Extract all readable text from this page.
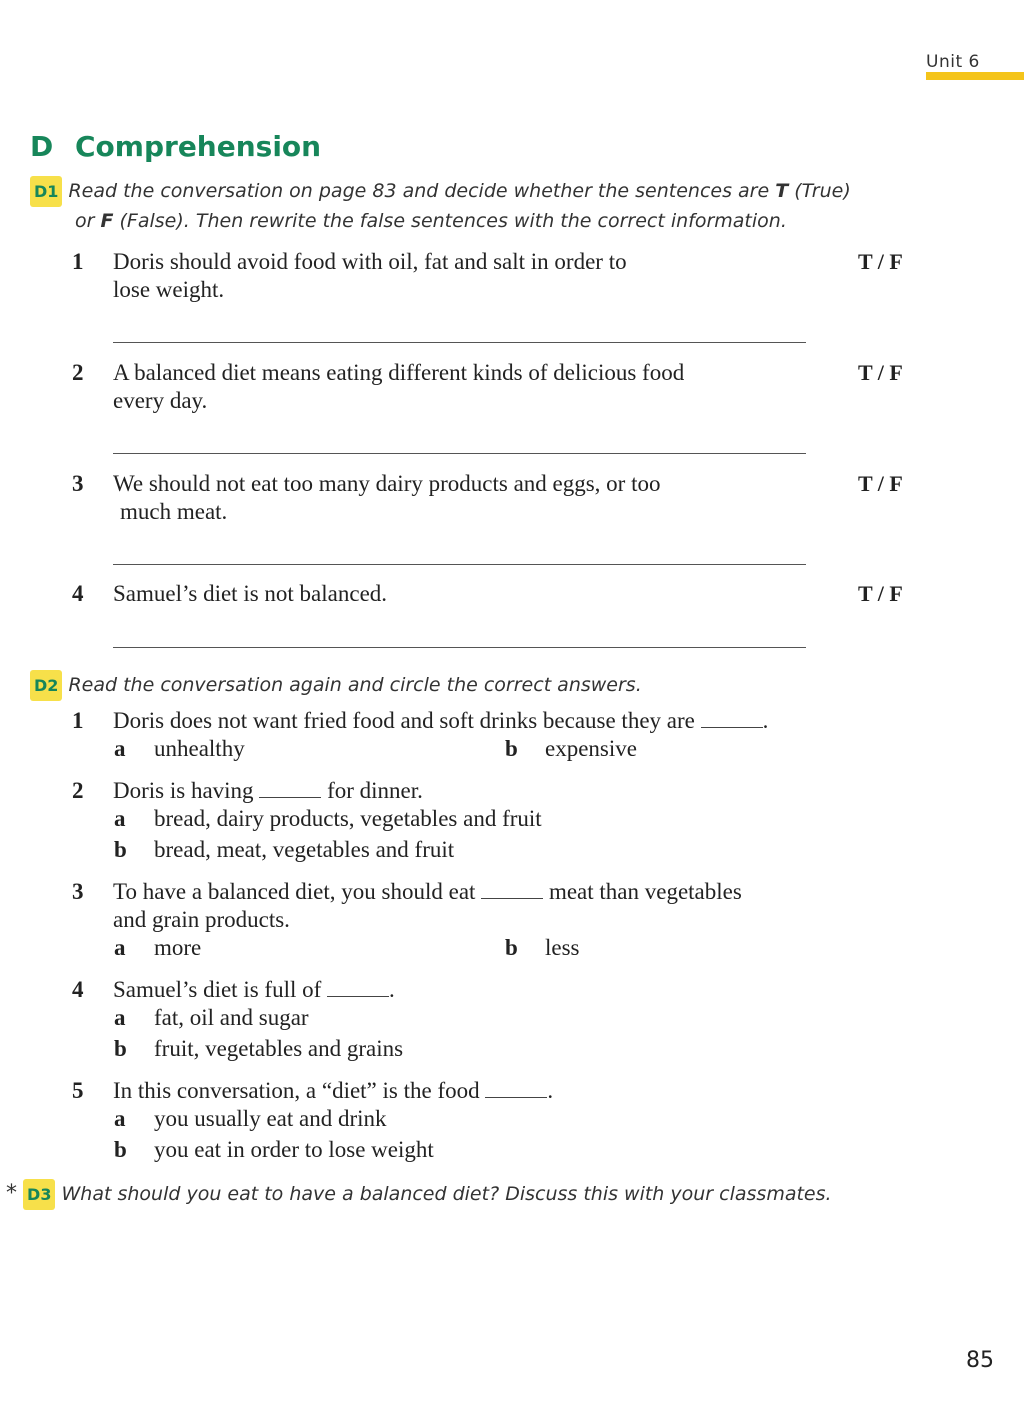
Unit 6
D Comprehension
D1 Read the conversation on page 83 and decide whether the sentences are T (True)
or F (False). Then rewrite the false sentences with the correct information.
1 Doris should avoid food with oil, fat and salt in order to
lose weight.
T / F
2 A balanced diet means eating different kinds of delicious food
every day.
T / F
3 We should not eat too many dairy products and eggs, or too
much meat.
T / F
4 Samuel’s diet is not balanced.	T / F
D2 Read the conversation again and circle the correct answers.
1 Doris does not want fried food and soft drinks because they are	.
a unhealthy	b expensive
2 Doris is having	for dinner.
a bread, dairy products, vegetables and fruit
b bread, meat, vegetables and fruit
3 To have a balanced diet, you should eat	meat than vegetables
and grain products.
a more	b less
4 Samuel’s diet is full of	.
a fat, oil and sugar
b fruit, vegetables and grains
5 In this conversation, a “diet” is the food	.
a you usually eat and drink
b you eat in order to lose weight
* D3 What should you eat to have a balanced diet? Discuss this with your classmates.
85
